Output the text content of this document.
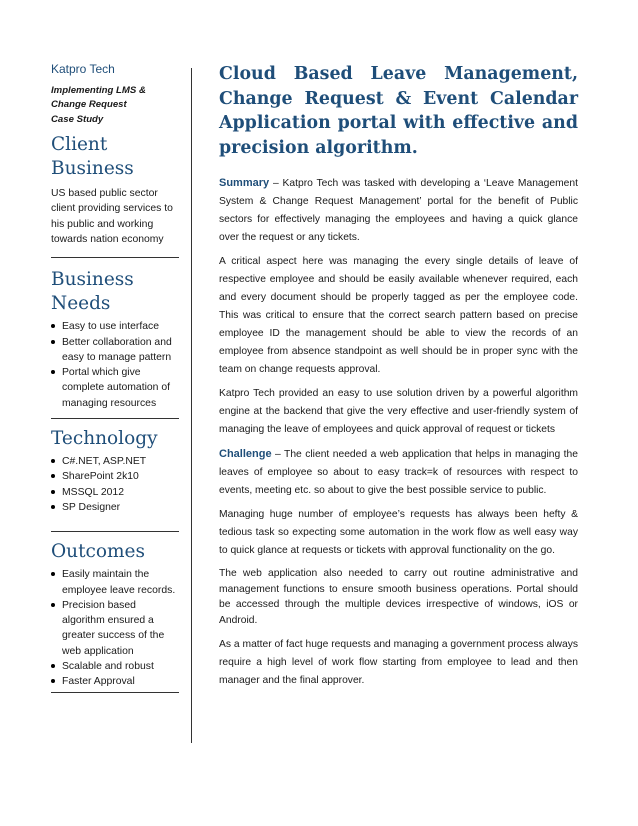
Katpro Tech
Implementing LMS &
Change Request
Case Study
Client
Business
US based public sector client providing services to his public and working towards nation economy
Business
Needs
Easy to use interface
Better collaboration and easy to manage pattern
Portal which give complete automation of managing resources
Technology
C#.NET, ASP.NET
SharePoint 2k10
MSSQL 2012
SP Designer
Outcomes
Easily maintain the employee leave records.
Precision based algorithm ensured a greater success of the web application
Scalable and robust
Faster Approval
Cloud Based Leave Management, Change Request & Event Calendar Application portal with effective and precision algorithm.

Summary – Katpro Tech was tasked with developing a ‘Leave Management System & Change Request Management’ portal for the benefit of Public sectors for effectively managing the employees and having a quick glance over the request or any tickets.

A critical aspect here was managing the every single details of leave of respective employee and should be easily available whenever required, each and every document should be properly tagged as per the employee code. This was critical to ensure that the correct search pattern based on precise employee ID the management should be able to view the records of an employee from absence standpoint as well should be in proper sync with the team on change requests approval.

Katpro Tech provided an easy to use solution driven by a powerful algorithm engine at the backend that give the very effective and user-friendly system of managing the leave of employees and quick approval of request or tickets

Challenge – The client needed a web application that helps in managing the leaves of employee so about to easy track=k of resources with respect to events, meeting etc. so about to give the best possible service to public.

Managing huge number of employee’s requests has always been hefty & tedious task so expecting some automation in the work flow as well easy way to quick glance at requests or tickets with approval functionality on the go.

The web application also needed to carry out routine administrative and management functions to ensure smooth business operations. Portal should be accessed through the multiple devices irrespective of windows, iOS or Android.

As a matter of fact huge requests and managing a government process always require a high level of work flow starting from employee to lead and then manager and the final approver.
